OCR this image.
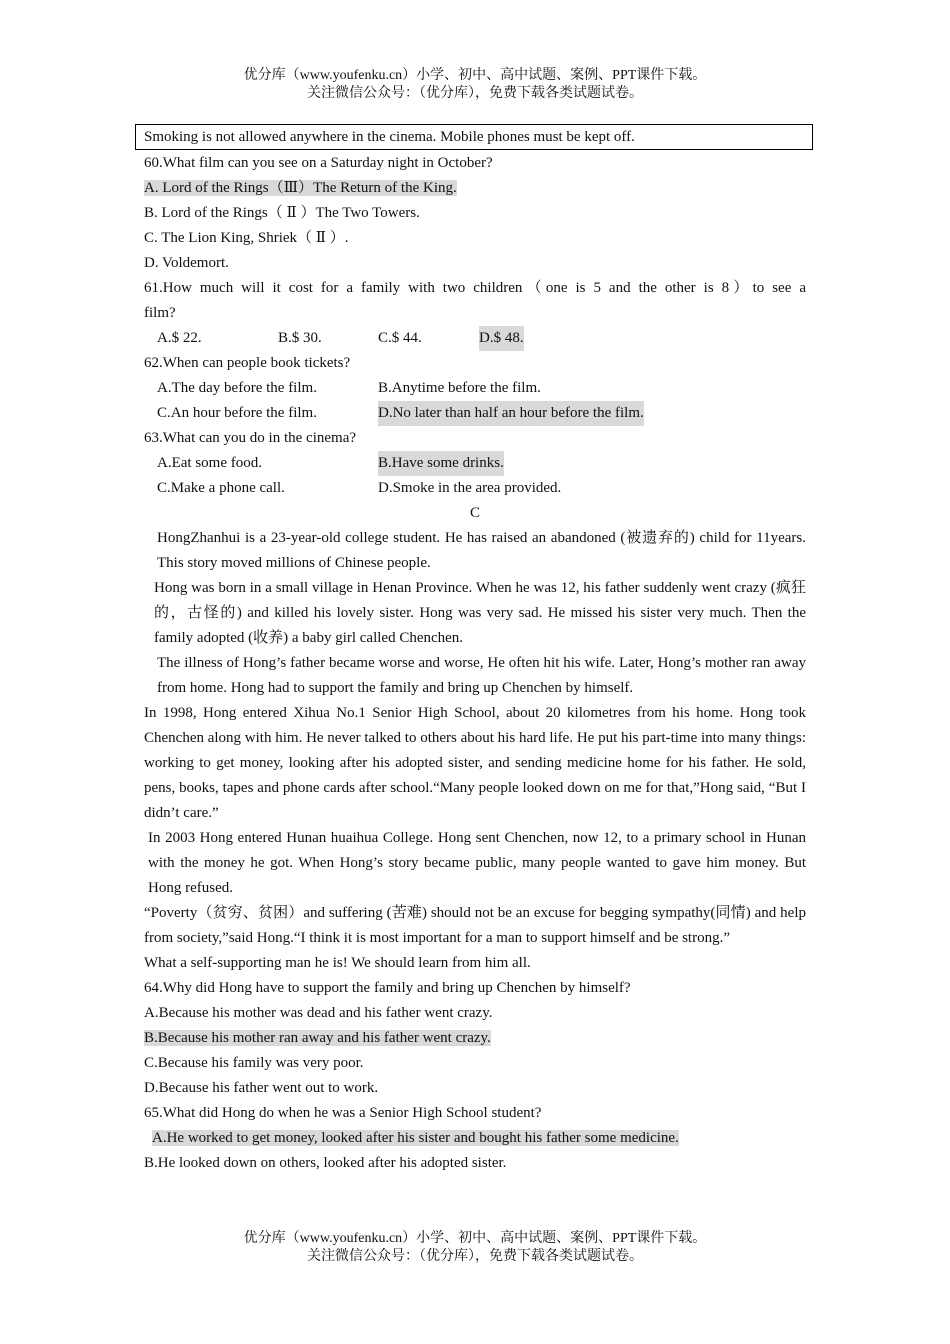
优分库（www.youfenku.cn）小学、初中、高中试题、案例、PPT课件下载。
关注微信公众号：（优分库），免费下载各类试题试卷。
Smoking is not allowed anywhere in the cinema. Mobile phones must be kept off.
60.What film can you see on a Saturday night in October?
A. Lord of the Rings（Ⅲ）The Return of the King.
B. Lord of the Rings（ Ⅱ ）The Two Towers.
C. The Lion King, Shriek（ Ⅱ ）.
D. Voldemort.
61.How much will it cost for a family with two children（one is 5 and the other is 8）to see a
film?
A.$ 22.	B.$ 30.	C.$ 44.	D.$ 48.
62.When can people book tickets?
A.The day before the film.	B.Anytime before the film.
C.An hour before the film.	D.No later than half an hour before the film.
63.What can you do in the cinema?
A.Eat some food.	B.Have some drinks.
C.Make a phone call.	D.Smoke in the area provided.
C
HongZhanhui is a 23-year-old college student. He has raised an abandoned (被遗弃的) child for 11years. This story moved millions of Chinese people.
Hong was born in a small village in Henan Province. When he was 12, his father suddenly went crazy (疯狂的，古怪的) and killed his lovely sister. Hong was very sad. He missed his sister very much. Then the family adopted (收养) a baby girl called Chenchen.
The illness of Hong’s father became worse and worse, He often hit his wife. Later, Hong’s mother ran away from home. Hong had to support the family and bring up Chenchen by himself.
In 1998, Hong entered Xihua No.1 Senior High School, about 20 kilometres from his home. Hong took Chenchen along with him. He never talked to others about his hard life. He put his part-time into many things: working to get money, looking after his adopted sister, and sending medicine home for his father. He sold, pens, books, tapes and phone cards after school.“Many people looked down on me for that,”Hong said, “But I didn’t care.”
In 2003 Hong entered Hunan huaihua College. Hong sent Chenchen, now 12, to a primary school in Hunan with the money he got. When Hong’s story became public, many people wanted to gave him money. But Hong refused.
“Poverty（贫穷、贫困）and suffering (苦难) should not be an excuse for begging sympathy(同情) and help from society,”said Hong.“I think it is most important for a man to support himself and be strong.”
What a self-supporting man he is! We should learn from him all.
64.Why did Hong have to support the family and bring up Chenchen by himself?
A.Because his mother was dead and his father went crazy.
B.Because his mother ran away and his father went crazy.
C.Because his family was very poor.
D.Because his father went out to work.
65.What did Hong do when he was a Senior High School student?
A.He worked to get money, looked after his sister and bought his father some medicine.
B.He looked down on others, looked after his adopted sister.
优分库（www.youfenku.cn）小学、初中、高中试题、案例、PPT课件下载。
关注微信公众号：（优分库），免费下载各类试题试卷。
